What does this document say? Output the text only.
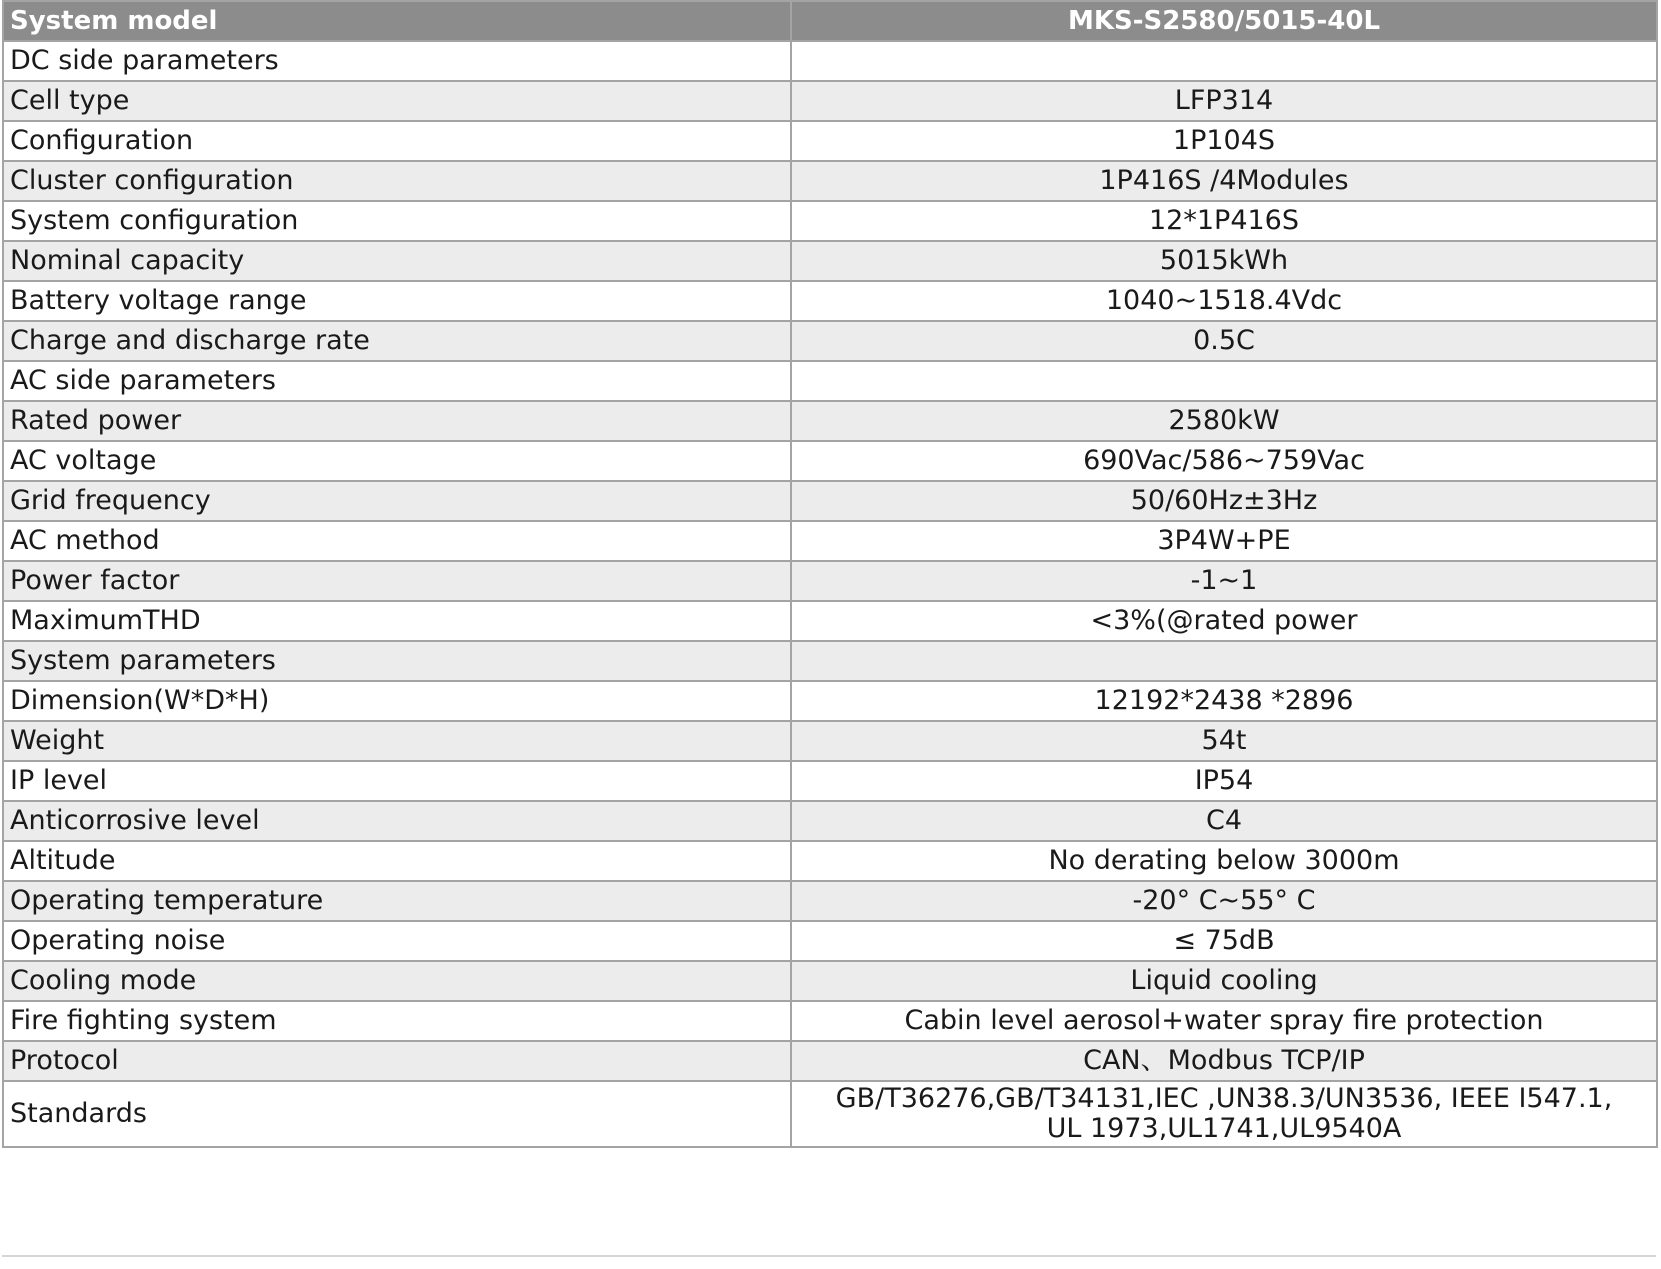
System model	MKS-S2580/5015-40L
DC side parameters	
Cell type	LFP314
Configuration	1P104S
Cluster configuration	1P416S /4Modules
System configuration	12*1P416S
Nominal capacity	5015kWh
Battery voltage range	1040~1518.4Vdc
Charge and discharge rate	0.5C
AC side parameters	
Rated power	2580kW
AC voltage	690Vac/586~759Vac
Grid frequency	50/60Hz±3Hz
AC method	3P4W+PE
Power factor	-1~1
MaximumTHD	<3%(@rated power
System parameters	
Dimension(W*D*H)	12192*2438 *2896
Weight	54t
IP level	IP54
Anticorrosive level	C4
Altitude	No derating below 3000m
Operating temperature	-20° C~55° C
Operating noise	≤ 75dB
Cooling mode	Liquid cooling
Fire fighting system	Cabin level aerosol+water spray fire protection
Protocol	CAN、Modbus TCP/IP
Standards	GB/T36276,GB/T34131,IEC ,UN38.3/UN3536, IEEE I547.1, UL 1973,UL1741,UL9540A
